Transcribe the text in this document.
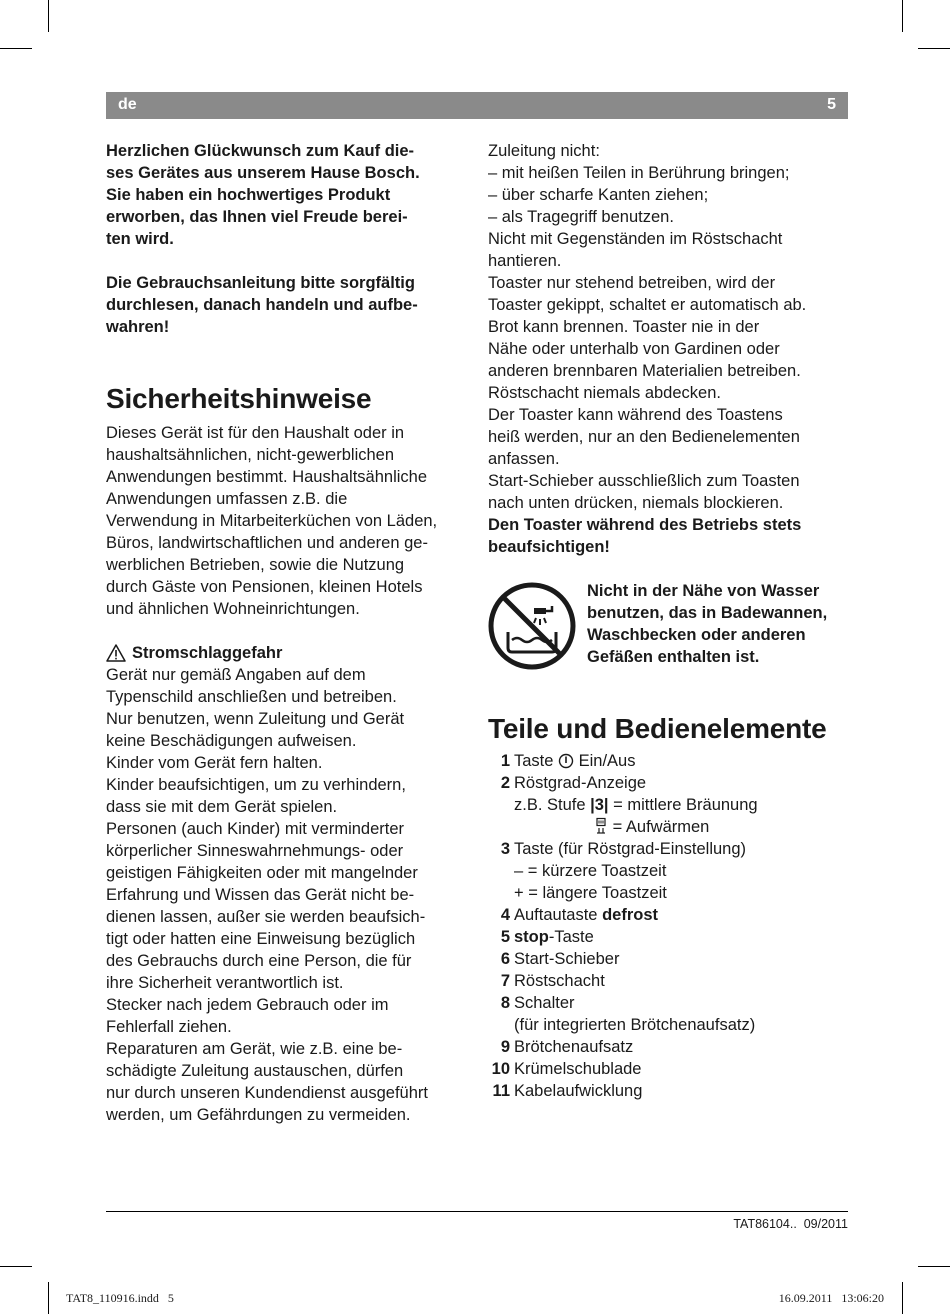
de	5
Herzlichen Glückwunsch zum Kauf die-
ses Gerätes aus unserem Hause Bosch.
Sie haben ein hochwertiges Produkt
erworben, das Ihnen viel Freude berei-
ten wird.
Die Gebrauchsanleitung bitte sorgfältig
durchlesen, danach handeln und aufbe-
wahren!
Sicherheitshinweise
Dieses Gerät ist für den Haushalt oder in
haushaltsähnlichen, nicht-gewerblichen
Anwendungen bestimmt. Haushaltsähnliche
Anwendungen umfassen z.B. die
Verwendung in Mitarbeiterküchen von Läden,
Büros, landwirtschaftlichen und anderen ge-
werblichen Betrieben, sowie die Nutzung
durch Gäste von Pensionen, kleinen Hotels
und ähnlichen Wohneinrichtungen.
Stromschlaggefahr
Gerät nur gemäß Angaben auf dem
Typenschild anschließen und betreiben.
Nur benutzen, wenn Zuleitung und Gerät
keine Beschädigungen aufweisen.
Kinder vom Gerät fern halten.
Kinder beaufsichtigen, um zu verhindern,
dass sie mit dem Gerät spielen.
Personen (auch Kinder) mit verminderter
körperlicher Sinneswahrnehmungs- oder
geistigen Fähigkeiten oder mit mangelnder
Erfahrung und Wissen das Gerät nicht be-
dienen lassen, außer sie werden beaufsich-
tigt oder hatten eine Einweisung bezüglich
des Gebrauchs durch eine Person, die für
ihre Sicherheit verantwortlich ist.
Stecker nach jedem Gebrauch oder im
Fehlerfall ziehen.
Reparaturen am Gerät, wie z.B. eine be-
schädigte Zuleitung austauschen, dürfen
nur durch unseren Kundendienst ausgeführt
werden, um Gefährdungen zu vermeiden.
Zuleitung nicht:
– mit heißen Teilen in Berührung bringen;
– über scharfe Kanten ziehen;
– als Tragegriff benutzen.
Nicht mit Gegenständen im Röstschacht
hantieren.
Toaster nur stehend betreiben, wird der
Toaster gekippt, schaltet er automatisch ab.
Brot kann brennen. Toaster nie in der
Nähe oder unterhalb von Gardinen oder
anderen brennbaren Materialien betreiben.
Röstschacht niemals abdecken.
Der Toaster kann während des Toastens
heiß werden, nur an den Bedienelementen
anfassen.
Start-Schieber ausschließlich zum Toasten
nach unten drücken, niemals blockieren.
Den Toaster während des Betriebs stets
beaufsichtigen!
Nicht in der Nähe von Wasser
benutzen, das in Badewannen,
Waschbecken oder anderen
Gefäßen enthalten ist.
Teile und Bedienelemente
1 Taste  Ein/Aus
2 Röstgrad-Anzeige
z.B. Stufe |3| = mittlere Bräunung
= Aufwärmen
3 Taste (für Röstgrad-Einstellung)
– = kürzere Toastzeit
+ = längere Toastzeit
4 Auftautaste defrost
5 stop-Taste
6 Start-Schieber
7 Röstschacht
8 Schalter
(für integrierten Brötchenaufsatz)
9 Brötchenaufsatz
10 Krümelschublade
11 Kabelaufwicklung
TAT86104..  09/2011
TAT8_110916.indd   5	16.09.2011   13:06:20
